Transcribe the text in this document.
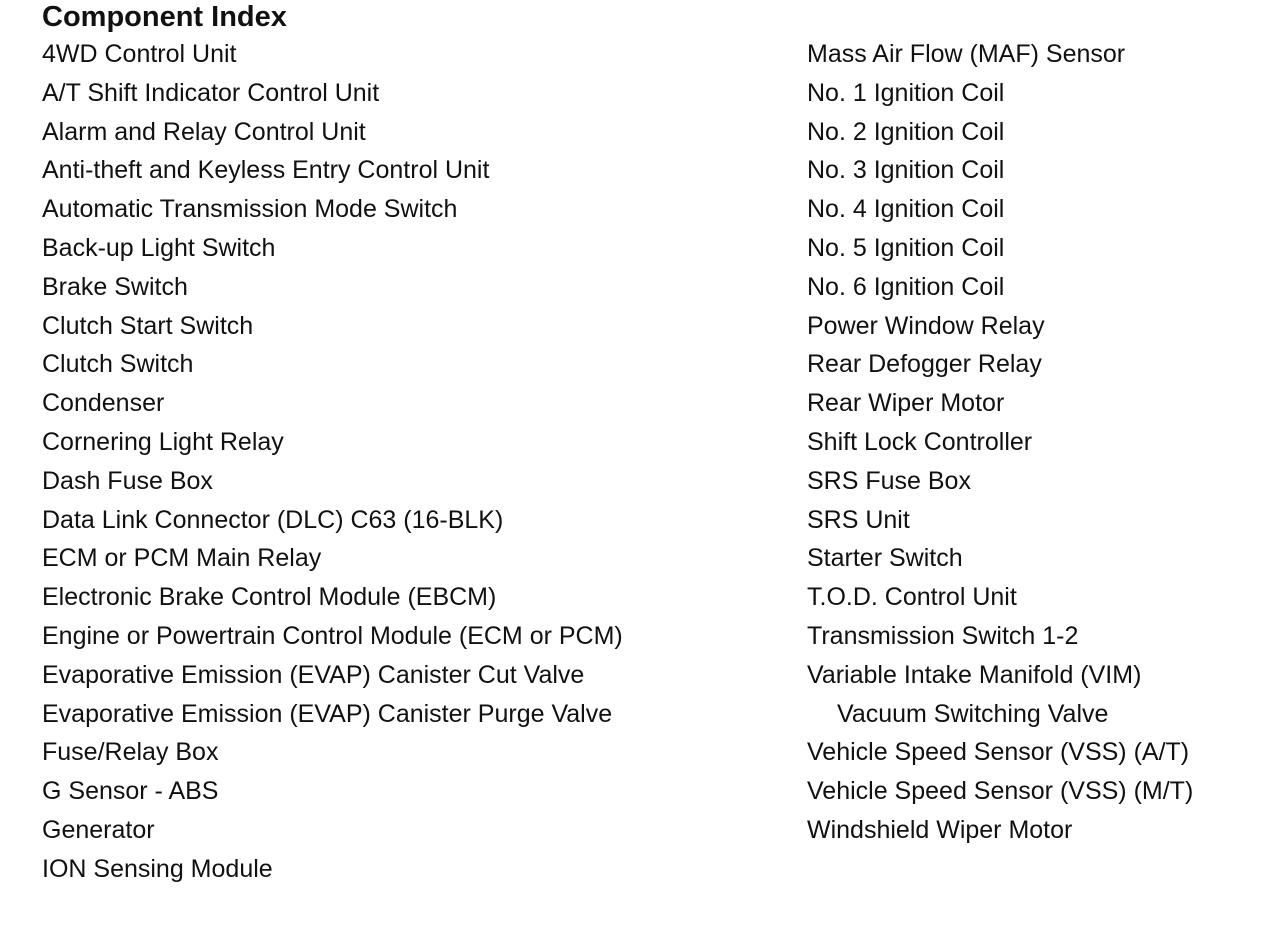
Component Index
4WD Control Unit
A/T Shift Indicator Control Unit
Alarm and Relay Control Unit
Anti-theft and Keyless Entry Control Unit
Automatic Transmission Mode Switch
Back-up Light Switch
Brake Switch
Clutch Start Switch
Clutch Switch
Condenser
Cornering Light Relay
Dash Fuse Box
Data Link Connector (DLC) C63 (16-BLK)
ECM or PCM Main Relay
Electronic Brake Control Module (EBCM)
Engine or Powertrain Control Module (ECM or PCM)
Evaporative Emission (EVAP) Canister Cut Valve
Evaporative Emission (EVAP) Canister Purge Valve
Fuse/Relay Box
G Sensor - ABS
Generator
ION Sensing Module
Mass Air Flow (MAF) Sensor
No. 1 Ignition Coil
No. 2 Ignition Coil
No. 3 Ignition Coil
No. 4 Ignition Coil
No. 5 Ignition Coil
No. 6 Ignition Coil
Power Window Relay
Rear Defogger Relay
Rear Wiper Motor
Shift Lock Controller
SRS Fuse Box
SRS Unit
Starter Switch
T.O.D. Control Unit
Transmission Switch 1-2
Variable Intake Manifold (VIM)
Vacuum Switching Valve
Vehicle Speed Sensor (VSS) (A/T)
Vehicle Speed Sensor (VSS) (M/T)
Windshield Wiper Motor
